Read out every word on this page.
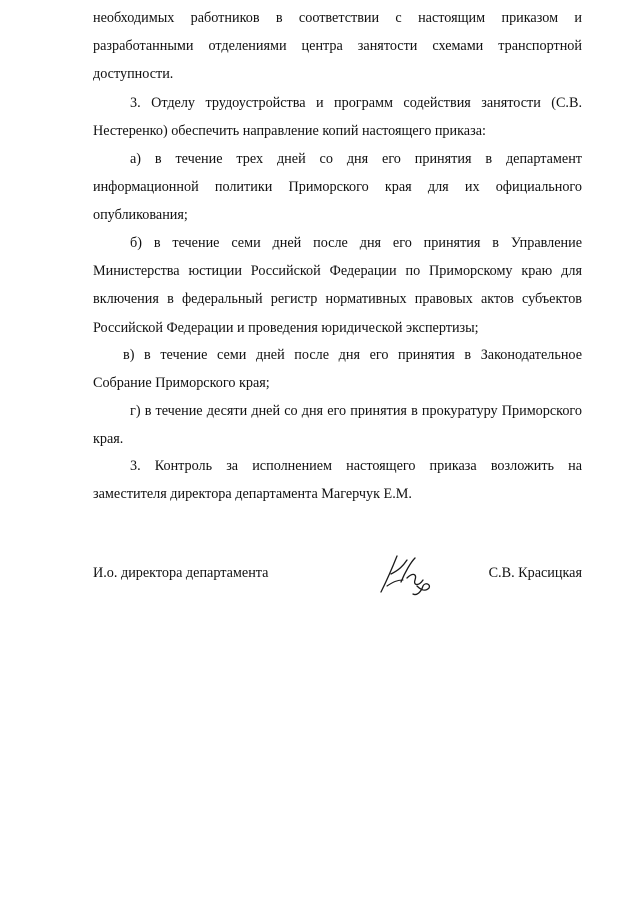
необходимых работников в соответствии с настоящим приказом и разработанными отделениями центра занятости схемами транспортной доступности.

3. Отделу трудоустройства и программ содействия занятости (С.В. Нестеренко) обеспечить направление копий настоящего приказа:

а) в течение трех дней со дня его принятия в департамент информационной политики Приморского края для их официального опубликования;

б) в течение семи дней после дня его принятия в Управление Министерства юстиции Российской Федерации по Приморскому краю для включения в федеральный регистр нормативных правовых актов субъектов Российской Федерации и проведения юридической экспертизы;

в) в течение семи дней после дня его принятия в Законодательное Собрание Приморского края;

г) в течение десяти дней со дня его принятия в прокуратуру Приморского края.

3. Контроль за исполнением настоящего приказа возложить на заместителя директора департамента Магерчук Е.М.

И.о. директора департамента	С.В. Красицкая
